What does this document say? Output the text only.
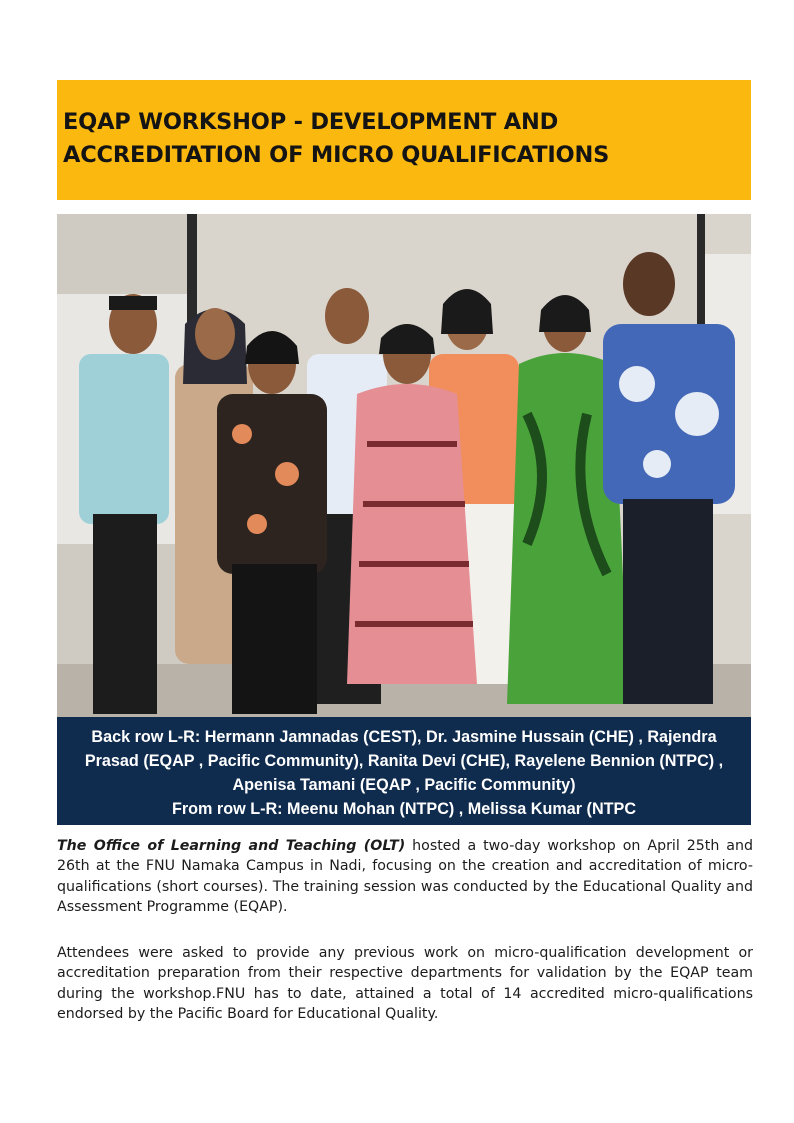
EQAP WORKSHOP - DEVELOPMENT AND
ACCREDITATION OF MICRO QUALIFICATIONS
Back row L-R: Hermann Jamnadas (CEST), Dr. Jasmine Hussain (CHE) , Rajendra
Prasad (EQAP , Pacific Community), Ranita Devi (CHE), Rayelene Bennion (NTPC) ,
Apenisa Tamani (EQAP , Pacific Community)
From row L-R: Meenu Mohan (NTPC) , Melissa Kumar (NTPC
The Office of Learning and Teaching (OLT) hosted a two-day workshop on April 25th and 26th at the FNU Namaka Campus in Nadi, focusing on the creation and accreditation of micro-qualifications (short courses). The training session was conducted by the Educational Quality and Assessment Programme (EQAP).
Attendees were asked to provide any previous work on micro-qualification development or accreditation preparation from their respective departments for validation by the EQAP team during the workshop.FNU has to date, attained a total of 14 accredited micro-qualifications endorsed by the Pacific Board for Educational Quality.
